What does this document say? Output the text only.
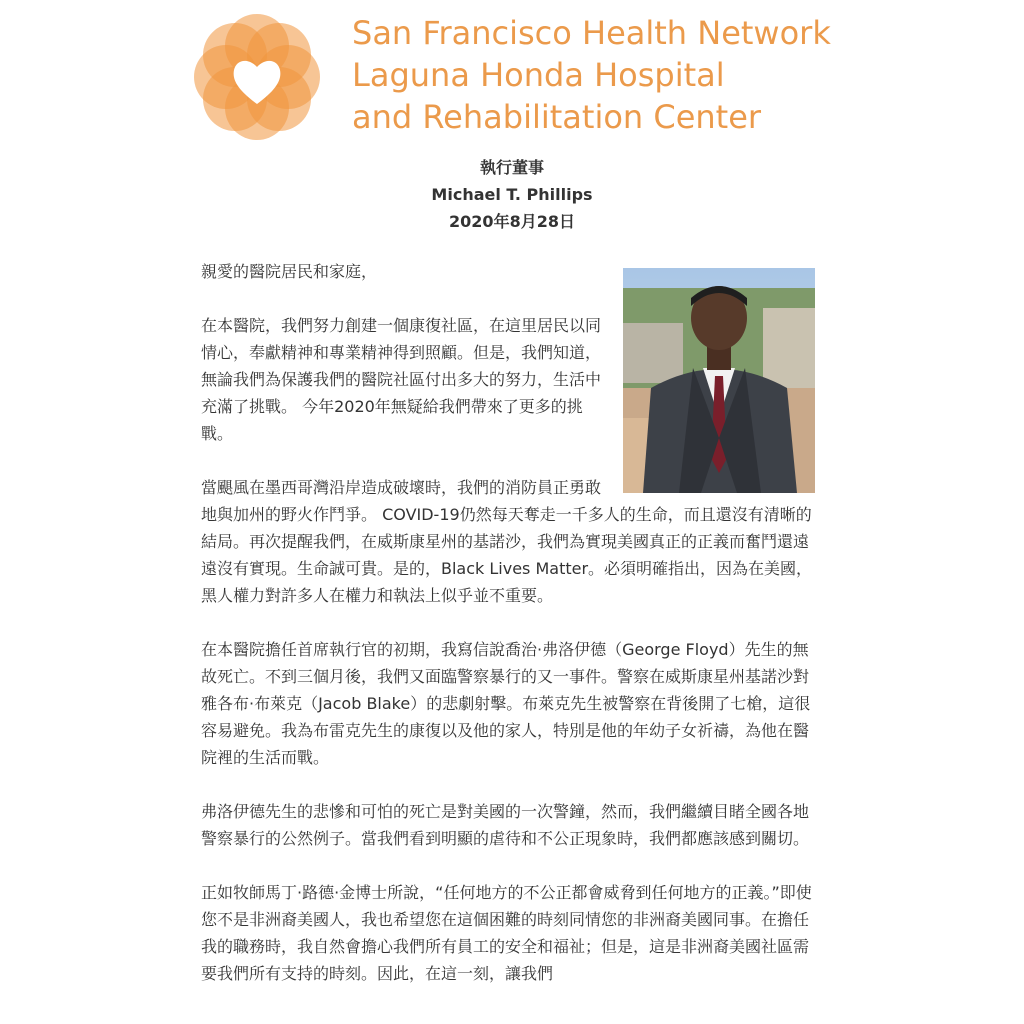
San Francisco Health Network
Laguna Honda Hospital
and Rehabilitation Center
執行董事
Michael T. Phillips
2020年8月28日

親愛的醫院居民和家庭，

在本醫院，我們努力創建一個康復社區，在這里居民以同情心，奉獻精神和專業精神得到照顧。但是，我們知道，無論我們為保護我們的醫院社區付出多大的努力，生活中充滿了挑戰。 今年2020年無疑給我們帶來了更多的挑戰。

當颶風在墨西哥灣沿岸造成破壞時，我們的消防員正勇敢地與加州的野火作鬥爭。 COVID-19仍然每天奪走一千多人的生命，而且還沒有清晰的結局。再次提醒我們，在威斯康星州的基諾沙，我們為實現美國真正的正義而奮鬥還遠遠沒有實現。生命誠可貴。是的，Black Lives Matter。必須明確指出，因為在美國，黑人權力對許多人在權力和執法上似乎並不重要。

在本醫院擔任首席執行官的初期，我寫信說喬治·弗洛伊德（George Floyd）先生的無故死亡。不到三個月後，我們又面臨警察暴行的又一事件。警察在威斯康星州基諾沙對雅各布·布萊克（Jacob Blake）的悲劇射擊。布萊克先生被警察在背後開了七槍，這很容易避免。我為布雷克先生的康復以及他的家人，特別是他的年幼子女祈禱，為他在醫院裡的生活而戰。

弗洛伊德先生的悲慘和可怕的死亡是對美國的一次警鐘，然而，我們繼續目睹全國各地警察暴行的公然例子。當我們看到明顯的虐待和不公正現象時，我們都應該感到關切。

正如牧師馬丁·路德·金博士所說，“任何地方的不公正都會威脅到任何地方的正義。”即使您不是非洲裔美國人，我也希望您在這個困難的時刻同情您的非洲裔美國同事。在擔任我的職務時，我自然會擔心我們所有員工的安全和福祉；但是，這是非洲裔美國社區需要我們所有支持的時刻。因此，在這一刻，讓我們
